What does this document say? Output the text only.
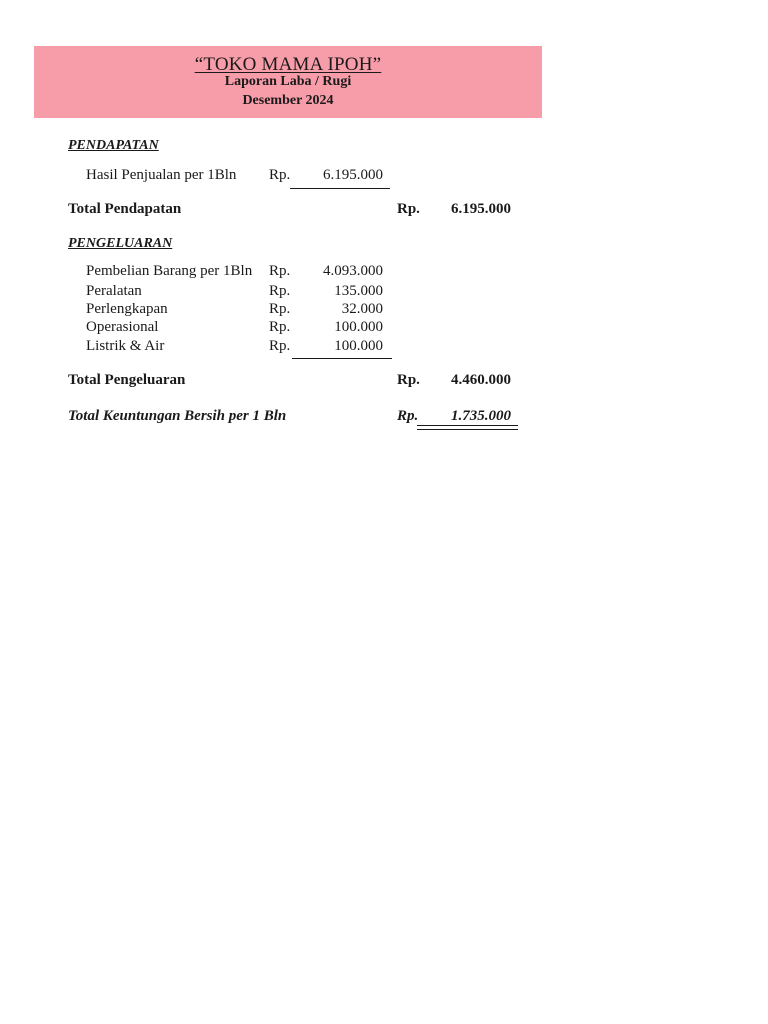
“TOKO MAMA IPOH”
Laporan Laba / Rugi
Desember 2024
PENDAPATAN
Hasil Penjualan per 1Bln Rp.	6.195.000
Total Pendapatan	Rp.	6.195.000
PENGELUARAN
Pembelian Barang per 1Bln Rp.	4.093.000
Peralatan	Rp.	135.000
Perlengkapan	Rp.	32.000
Operasional	Rp.	100.000
Listrik & Air	Rp.	100.000
Total Pengeluaran	Rp.	4.460.000
Total Keuntungan Bersih per 1 Bln	Rp.	1.735.000
